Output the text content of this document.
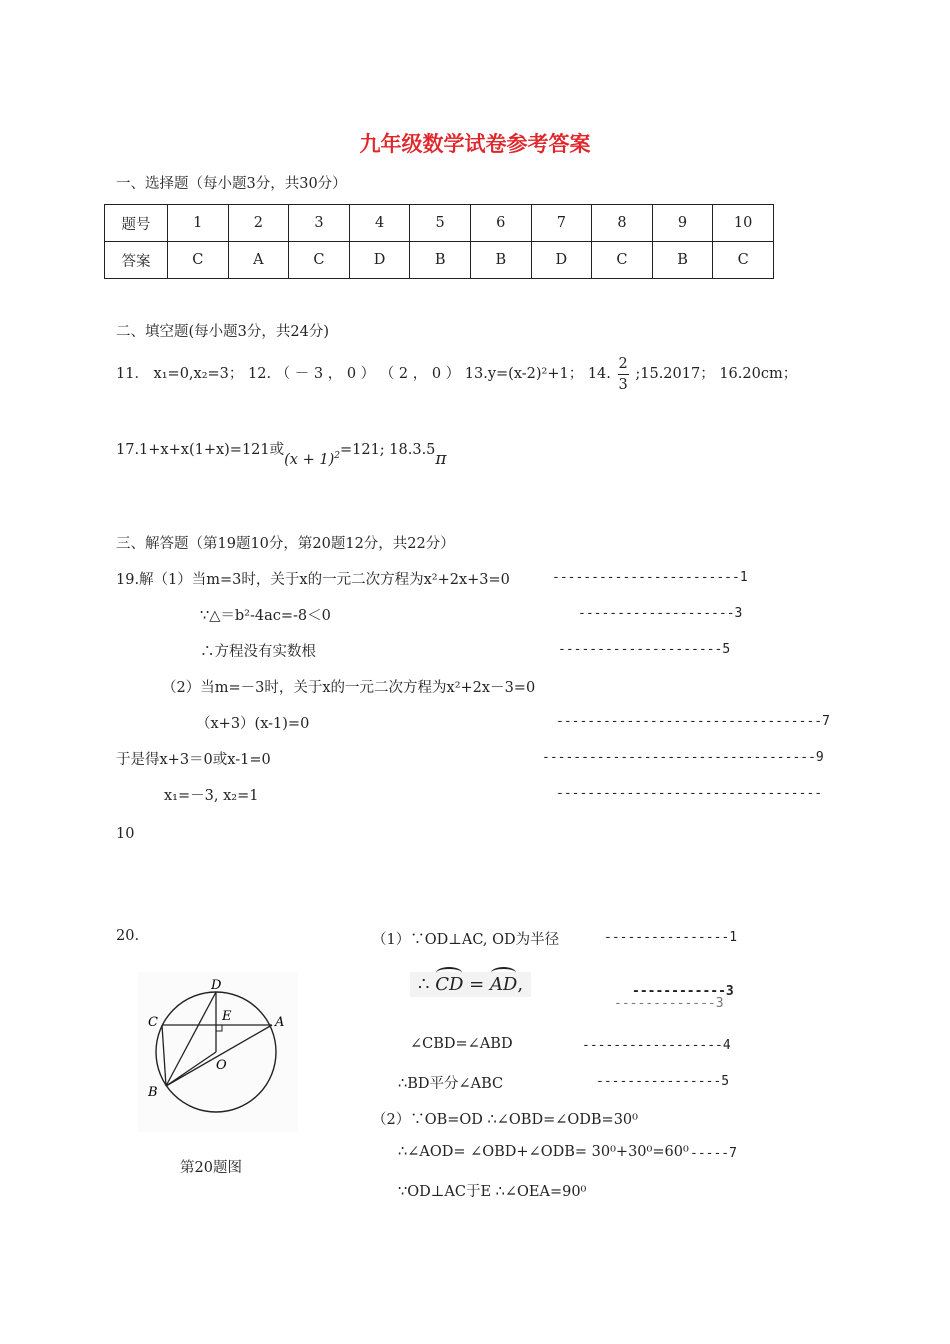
九年级数学试卷参考答案
一、选择题（每小题3分，共30分）
题号	1	2	3	4	5	6	7	8	9	10
答案	C	A	C	D	B	B	D	C	B	C
二、填空题(每小题3分，共24分)
11． x₁=0,x₂=3； 12. （ － 3 ， 0 ） （ 2 ， 0 ） 13.y=(x-2)²+1； 14. $\frac{2}{3}$ ;15.2017； 16.20cm；
17.1+x+x(1+x)=121或$(x + 1)^2=121$; 18.3.5π
三、解答题（第19题10分，第20题12分，共22分）
19.解（1）当m=3时，关于x的一元二次方程为x²+2x+3=0	------------------------1
∵△＝b²-4ac=-8＜0	--------------------3
∴方程没有实数根	---------------------5
（2）当m=－3时，关于x的一元二次方程为x²+2x－3=0
（x+3）(x-1)=0	----------------------------------7
于是得x+3＝0或x-1=0	-----------------------------------9
x₁=－3, x₂=1	----------------------------------
10
20.
D
E
C	A
O
B
第20题图
（1）∵OD⊥AC, OD为半径	----------------1
∴ CD = AD,	------------3
-------------3
∠CBD=∠ABD	------------------4
∴BD平分∠ABC	----------------5
（2）∵OB=OD ∴∠OBD=∠ODB=30⁰
∴∠AOD= ∠OBD+∠ODB= 30⁰+30⁰=60⁰ -----7
∵OD⊥AC于E ∴∠OEA=90⁰
